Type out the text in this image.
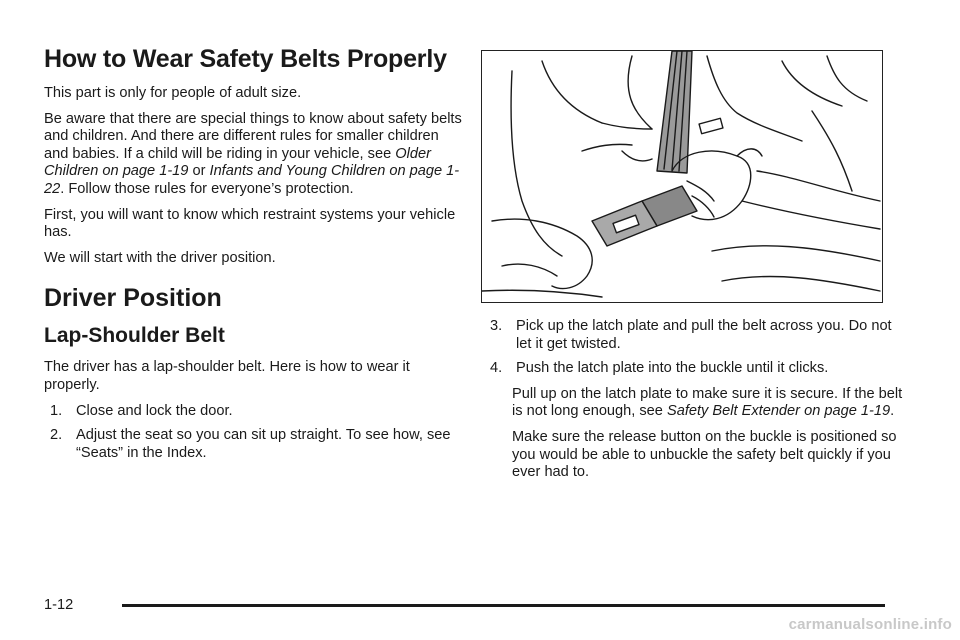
How to Wear Safety Belts Properly

This part is only for people of adult size.

Be aware that there are special things to know about safety belts and children. And there are different rules for smaller children and babies. If a child will be riding in your vehicle, see Older Children on page 1-19 or Infants and Young Children on page 1-22. Follow those rules for everyone’s protection.

First, you will want to know which restraint systems your vehicle has.

We will start with the driver position.

Driver Position
Lap-Shoulder Belt

The driver has a lap-shoulder belt. Here is how to wear it properly.

1. Close and lock the door.
2. Adjust the seat so you can sit up straight. To see how, see “Seats” in the Index.
3. Pick up the latch plate and pull the belt across you. Do not let it get twisted.
4. Push the latch plate into the buckle until it clicks.
Pull up on the latch plate to make sure it is secure. If the belt is not long enough, see Safety Belt Extender on page 1-19.
Make sure the release button on the buckle is positioned so you would be able to unbuckle the safety belt quickly if you ever had to.
1-12
carmanualsonline.info
